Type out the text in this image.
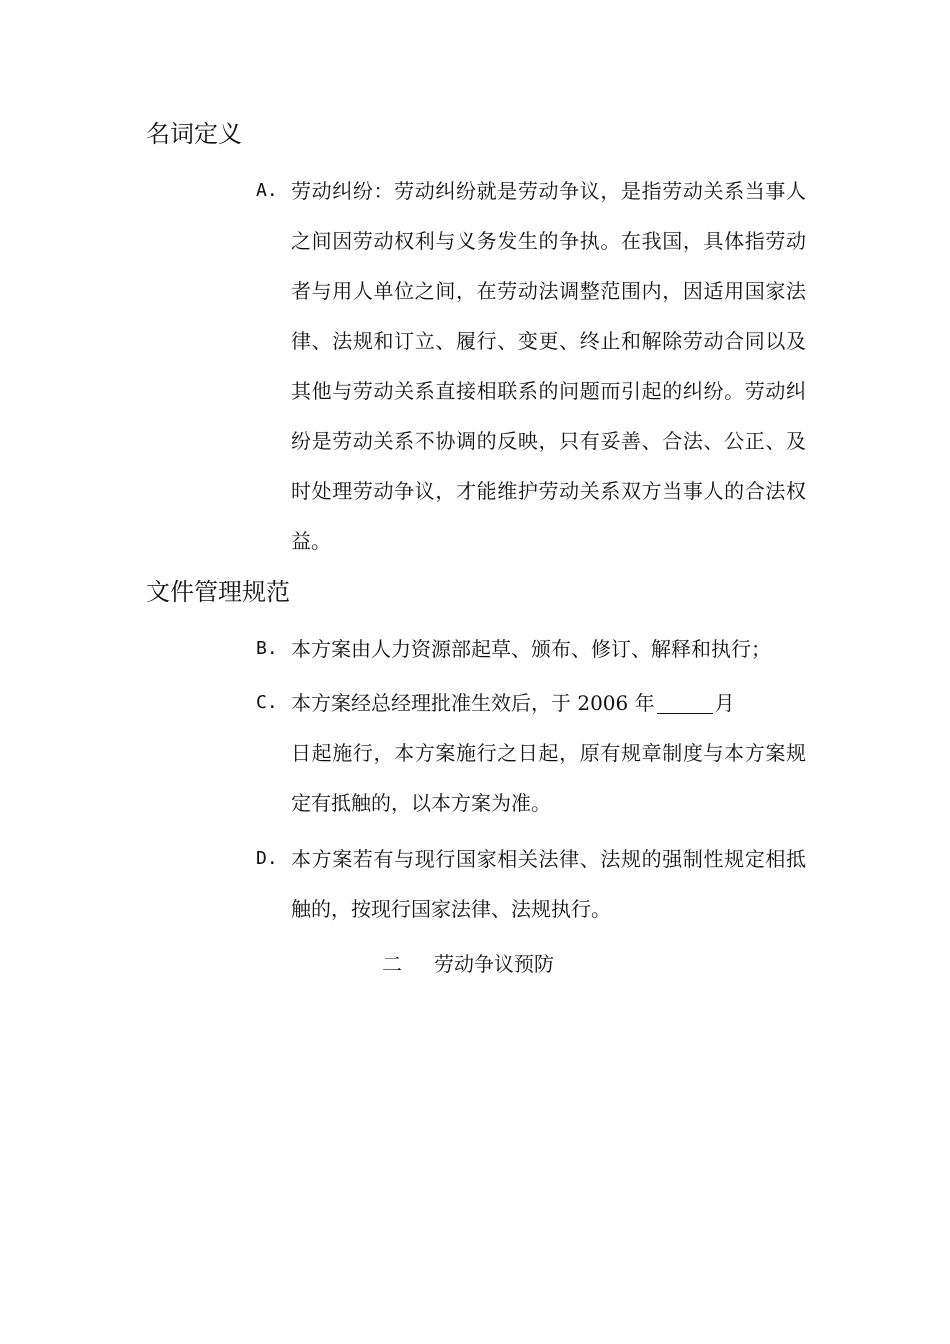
名词定义
A. 劳动纠纷：劳动纠纷就是劳动争议，是指劳动关系当事人之间因劳动权利与义务发生的争执。在我国，具体指劳动者与用人单位之间，在劳动法调整范围内，因适用国家法律、法规和订立、履行、变更、终止和解除劳动合同以及其他与劳动关系直接相联系的问题而引起的纠纷。劳动纠纷是劳动关系不协调的反映，只有妥善、合法、公正、及时处理劳动争议，才能维护劳动关系双方当事人的合法权益。
文件管理规范
B. 本方案由人力资源部起草、颁布、修订、解释和执行；
C. 本方案经总经理批准生效后，于 2006 年	月
日起施行，本方案施行之日起，原有规章制度与本方案规定有抵触的，以本方案为准。
D. 本方案若有与现行国家相关法律、法规的强制性规定相抵触的，按现行国家法律、法规执行。
二 劳动争议预防
